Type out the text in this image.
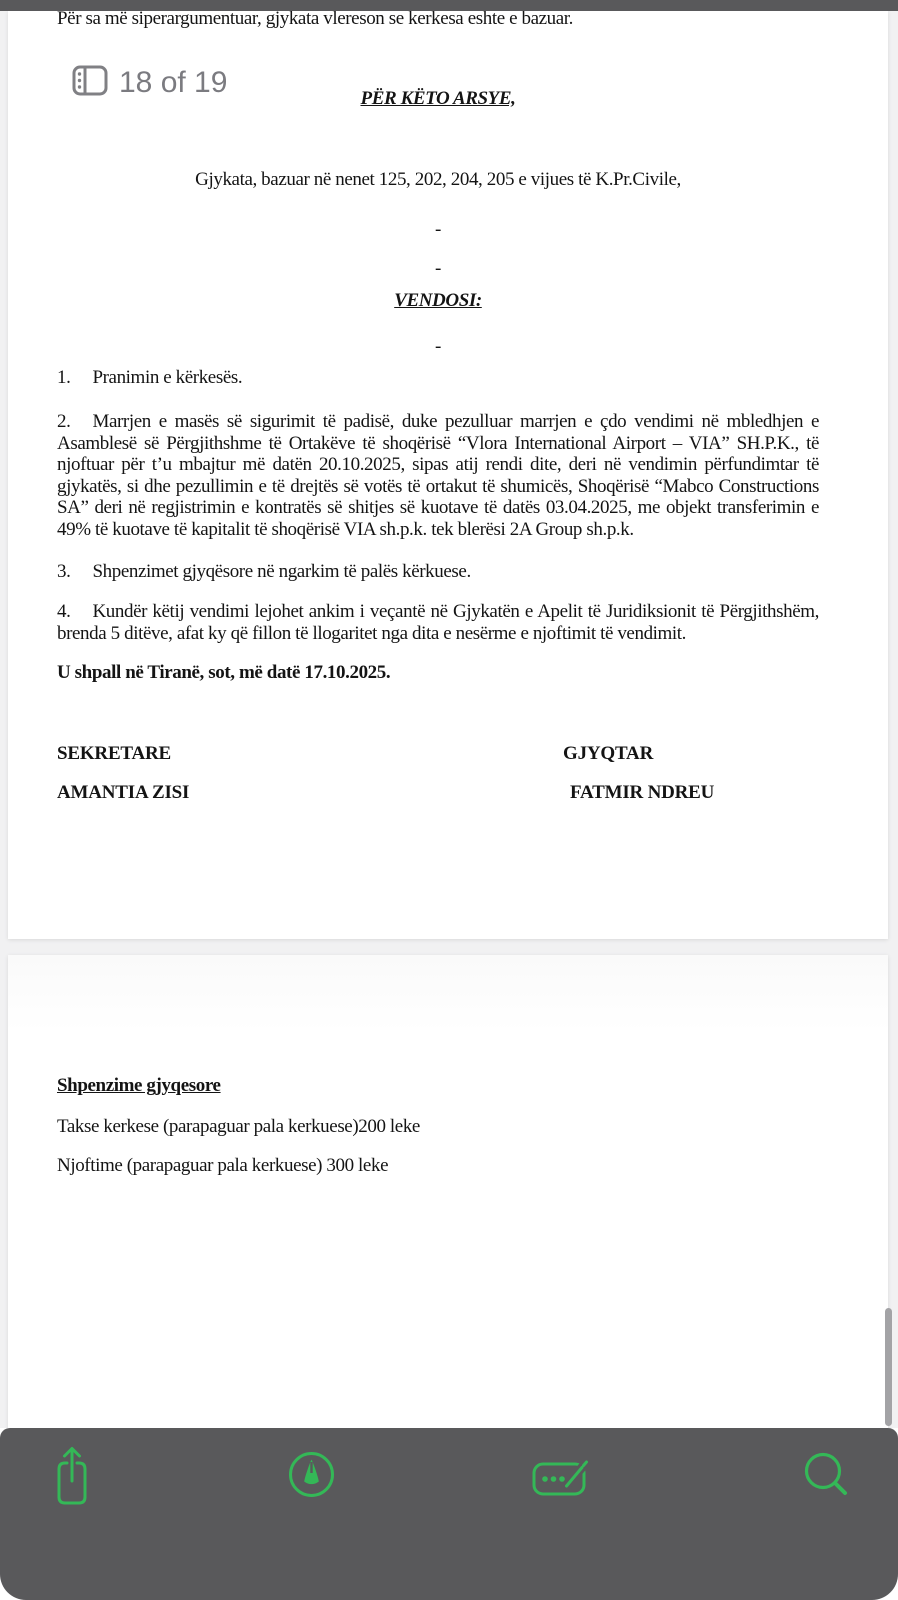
Për sa më siperargumentuar, gjykata vlereson se kerkesa eshte e bazuar.
18 of 19	PËR KËTO ARSYE,
Gjykata, bazuar në nenet 125, 202, 204, 205 e vijues të K.Pr.Civile,
-
-
VENDOSI:
-
1. Pranimin e kërkesës.
2. Marrjen e masës së sigurimit të padisë, duke pezulluar marrjen e çdo vendimi në mbledhjen e Asamblesë së Përgjithshme të Ortakëve të shoqërisë “Vlora International Airport – VIA” SH.P.K., të njoftuar për t’u mbajtur më datën 20.10.2025, sipas atij rendi dite, deri në vendimin përfundimtar të gjykatës, si dhe pezullimin e të drejtës së votës të ortakut të shumicës, Shoqërisë “Mabco Constructions SA” deri në regjistrimin e kontratës së shitjes së kuotave të datës 03.04.2025, me objekt transferimin e 49% të kuotave të kapitalit të shoqërisë VIA sh.p.k. tek blerësi 2A Group sh.p.k.
3. Shpenzimet gjyqësore në ngarkim të palës kërkuese.
4. Kundër këtij vendimi lejohet ankim i veçantë në Gjykatën e Apelit të Juridiksionit të Përgjithshëm, brenda 5 ditëve, afat ky që fillon të llogaritet nga dita e nesërme e njoftimit të vendimit.
U shpall në Tiranë, sot, më datë 17.10.2025.
SEKRETARE	GJYQTAR
AMANTIA ZISI	FATMIR NDREU
Shpenzime gjyqesore
Takse kerkese (parapaguar pala kerkuese)200 leke
Njoftime (parapaguar pala kerkuese) 300 leke
